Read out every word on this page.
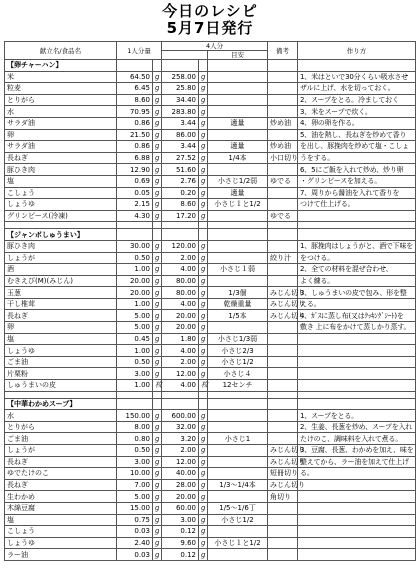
今日のレシピ
5月7日発行
献立名/食品名	1人分量		4人分			備考	作り方
					目安		
【卵チャーハン】							
米	64.50	g	258.00	g			1、米はといで30分くらい吸水させ
粒麦	6.45	g	25.80	g			ザルに上げ、水を切っておく。
とりがら	8.60	g	34.40	g			2、スープをとる。冷ましておく
水	70.95	g	283.80	g			3、米をスープで炊く。
サラダ油	0.86	g	3.44	g	適量	炒め油	4、卵の卵を作る。
卵	21.50	g	86.00	g			5、油を熱し、長ねぎを炒めて香り
サラダ油	0.86	g	3.44	g	適量	炒め油	を出し、豚挽肉を炒めて塩・こしょ
長ねぎ	6.88	g	27.52	g	1/4本	小口切り	うをする。
豚ひき肉	12.90	g	51.60	g			6、5にご飯を入れて炒め、炒り卵
塩	0.69	g	2.76	g	小さじ1/2弱	ゆでる	・グリンピースを加える。
こしょう	0.05	g	0.20	g	適量		7、周りから醤油を入れて香りを
しょうゆ	2.15	g	8.60	g	小さじ１と1/2		つけて仕上げる。
グリンピース(冷凍)	4.30	g	17.20	g		ゆでる	

【ジャンボしゅうまい】							
豚ひき肉	30.00	g	120.00	g			1、豚挽肉はしょうがと、酒で下味を
しょうが	0.50	g	2.00	g		絞り汁	をつける。
酒	1.00	g	4.00	g	小さじ１弱		2、全ての材料を混ぜ合わせ、
むきえび(M)(みじん)	20.00	g	80.00	g			よく練る。
玉葱	20.00	g	80.00	g	1/3個	みじん切り	3、しゅうまいの皮で包み、形を整
干し椎茸	1.00	g	4.00	g	乾燥重量	みじん切り	える。
長ねぎ	5.00	g	20.00	g	1/5本	みじん切り	4、ｶﾞｽに蒸し布(又はｸｯｷﾝｸﾞｼｰﾄ)を
卵	5.00	g	20.00	g			敷き 上に布をかけて蒸しかり蒸す。
塩	0.45	g	1.80	g	小さじ1/3弱		
しょうゆ	1.00	g	4.00	g	小さじ2/3		
ごま油	0.50	g	2.00	g	小さじ1/2		
片栗粉	3.00	g	12.00	g	小さじ４		
しゅうまいの皮	1.00	枚	4.00	枚	12センチ		

【中華わかめスープ】							
水	150.00	g	600.00	g			1、スープをとる。
とりがら	8.00	g	32.00	g			2、生姜、長葱を炒め、スープを入れ
ごま油	0.80	g	3.20	g	小さじ1		たけのこ、調味料を入れて煮る。
しょうが	0.50	g	2.00	g		みじん切り	3、豆腐、長葱、わかめを加え、味を
長ねぎ	3.00	g	12.00	g		みじん切り	整えてから、ラー油を加えて仕上げ
ゆでたけのこ	10.00	g	40.00	g		短冊切り	る。
長ねぎ	7.00	g	28.00	g	1/3～1/4本	みじん切り	
生わかめ	5.00	g	20.00	g		角切り	
木綿豆腐	15.00	g	60.00	g	1/5～1/6丁		
塩	0.75	g	3.00	g	小さじ1/2		
こしょう	0.03	g	0.12	g			
しょうゆ	2.40	g	9.60	g	小さじ１と1/2		
ラー油	0.03	g	0.12	g			
